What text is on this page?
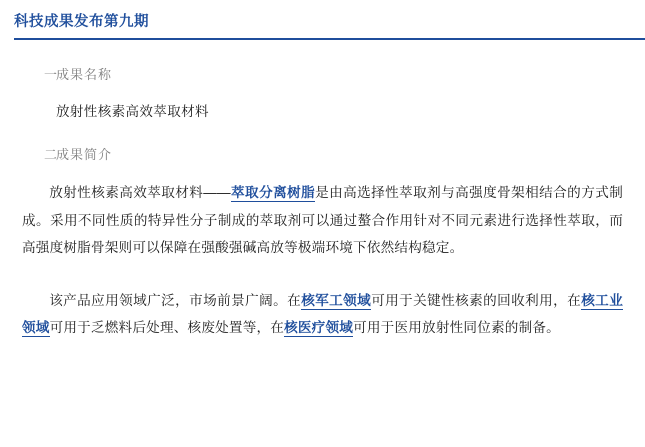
科技成果发布第九期
一
成果名称
放射性核素高效萃取材料
二
成果简介

放射性核素高效萃取材料——萃取分离树脂是由高选择性萃取剂与高强度骨架相结合的方式制成。采用不同性质的特异性分子制成的萃取剂可以通过螯合作用针对不同元素进行选择性萃取，而高强度树脂骨架则可以保障在强酸强碱高放等极端环境下依然结构稳定。

该产品应用领域广泛，市场前景广阔。在核军工领域可用于关键性核素的回收利用，在核工业领域可用于乏燃料后处理、核废处置等，在核医疗领域可用于医用放射性同位素的制备。
